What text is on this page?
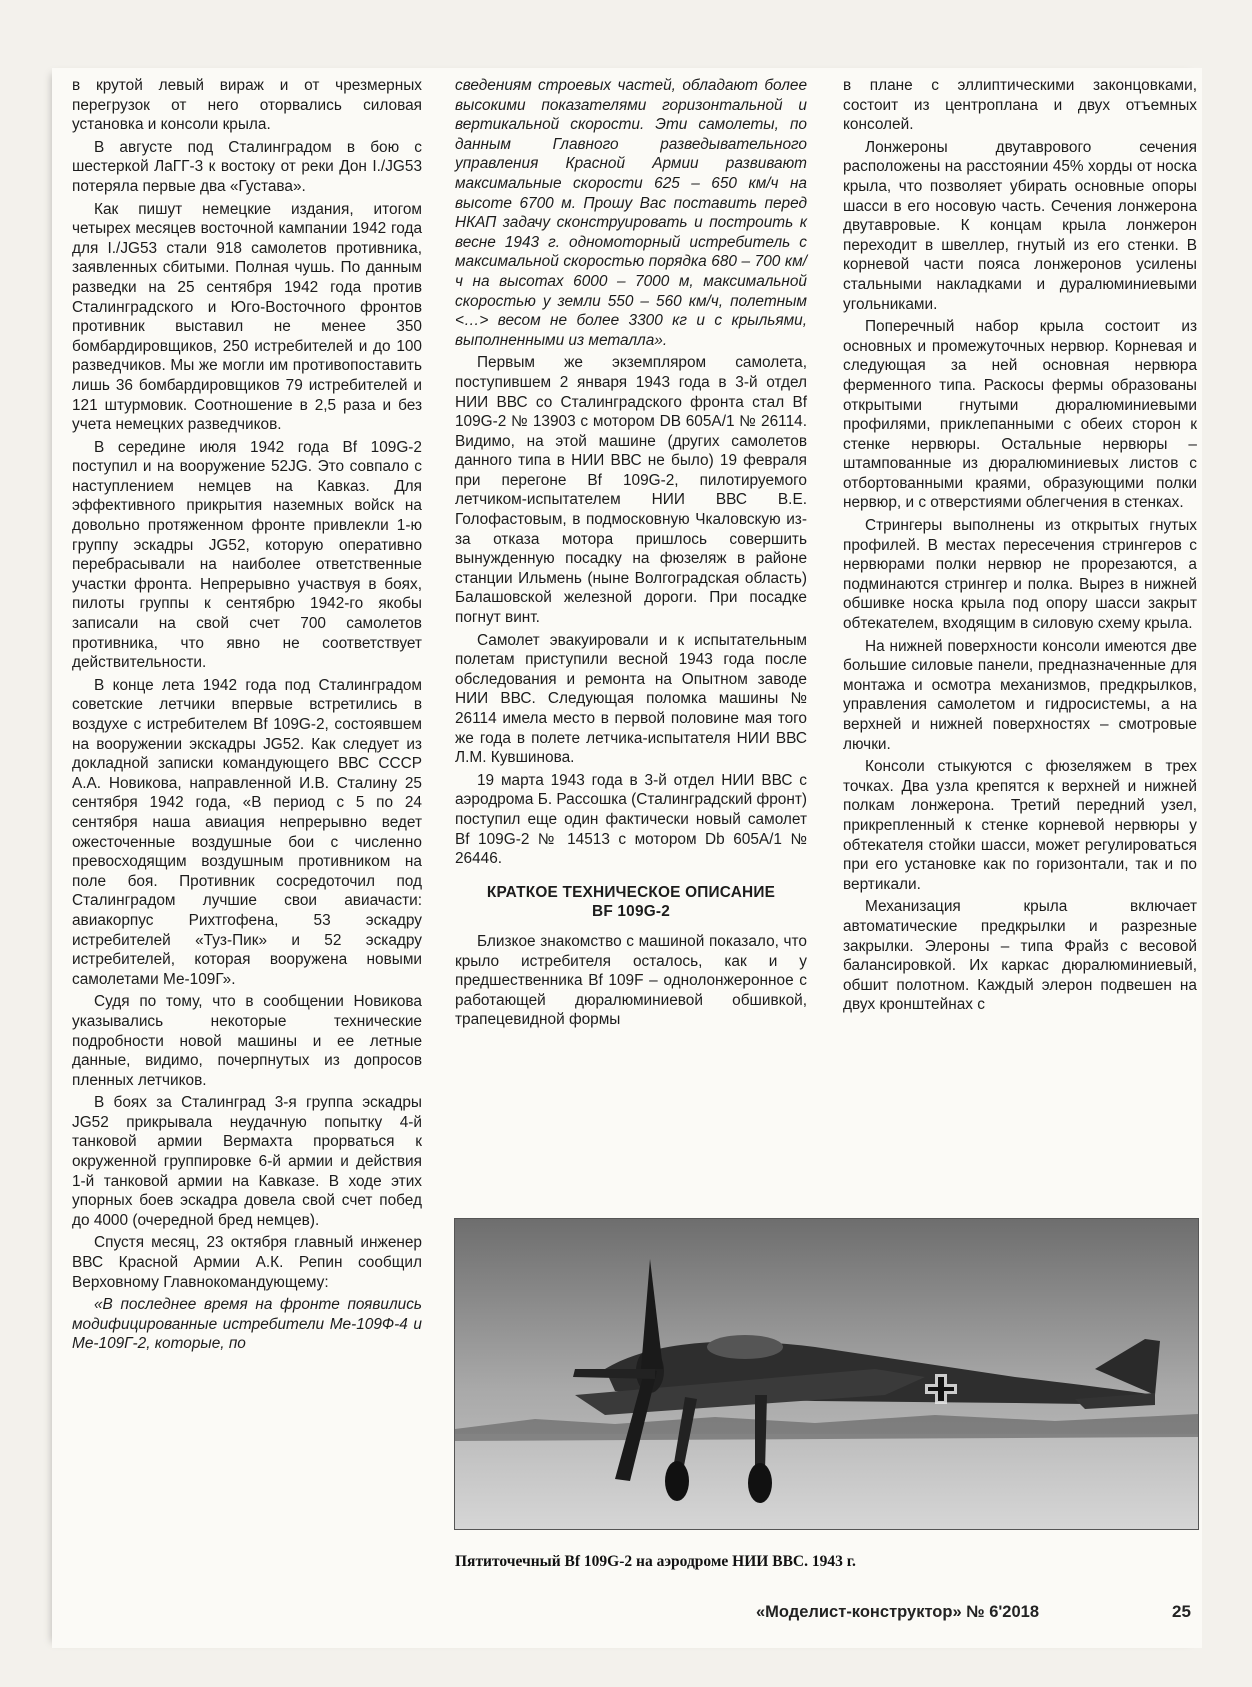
в крутой левый вираж и от чрезмерных перегрузок от него оторвались силовая установка и консоли крыла.

В августе под Сталинградом в бою с шестеркой ЛаГГ-3 к востоку от реки Дон I./JG53 потеряла первые два «Густава».

Как пишут немецкие издания, итогом четырех месяцев восточной кампании 1942 года для I./JG53 стали 918 самолетов противника, заявленных сбитыми. Полная чушь. По данным разведки на 25 сентября 1942 года против Сталинградского и Юго-Восточного фронтов противник выставил не менее 350 бомбардировщиков, 250 истребителей и до 100 разведчиков. Мы же могли им противопоставить лишь 36 бомбардировщиков 79 истребителей и 121 штурмовик. Соотношение в 2,5 раза и без учета немецких разведчиков.

В середине июля 1942 года Bf 109G-2 поступил и на вооружение 52JG. Это совпало с наступлением немцев на Кавказ. Для эффективного прикрытия наземных войск на довольно протяженном фронте привлекли 1-ю группу эскадры JG52, которую оперативно перебрасывали на наиболее ответственные участки фронта. Непрерывно участвуя в боях, пилоты группы к сентябрю 1942-го якобы записали на свой счет 700 самолетов противника, что явно не соответствует действительности.

В конце лета 1942 года под Сталинградом советские летчики впервые встретились в воздухе с истребителем Bf 109G-2, состоявшем на вооружении экскадры JG52. Как следует из докладной записки командующего ВВС СССР А.А. Новикова, направленной И.В. Сталину 25 сентября 1942 года, «В период с 5 по 24 сентября наша авиация непрерывно ведет ожесточенные воздушные бои с численно превосходящим воздушным противником на поле боя. Противник сосредоточил под Сталинградом лучшие свои авиачасти: авиакорпус Рихтгофена, 53 эскадру истребителей «Туз-Пик» и 52 эскадру истребителей, которая вооружена новыми самолетами Ме-109Г».

Судя по тому, что в сообщении Новикова указывались некоторые технические подробности новой машины и ее летные данные, видимо, почерпнутых из допросов пленных летчиков.

В боях за Сталинград 3-я группа эскадры JG52 прикрывала неудачную попытку 4-й танковой армии Вермахта прорваться к окруженной группировке 6-й армии и действия 1-й танковой армии на Кавказе. В ходе этих упорных боев эскадра довела свой счет побед до 4000 (очередной бред немцев).

Спустя месяц, 23 октября главный инженер ВВС Красной Армии А.К. Репин сообщил Верховному Главнокомандующему:

«В последнее время на фронте появились модифицированные истребители Ме-109Ф-4 и Ме-109Г-2, которые, по

сведениям строевых частей, обладают более высокими показателями горизонтальной и вертикальной скорости. Эти самолеты, по данным Главного разведывательного управления Красной Армии развивают максимальные скорости 625 – 650 км/ч на высоте 6700 м. Прошу Вас поставить перед НКАП задачу сконструировать и построить к весне 1943 г. одномоторный истребитель с максимальной скоростью порядка 680 – 700 км/ч на высотах 6000 – 7000 м, максимальной скоростью у земли 550 – 560 км/ч, полетным <…> весом не более 3300 кг и с крыльями, выполненными из металла».

Первым же экземпляром самолета, поступившем 2 января 1943 года в 3-й отдел НИИ ВВС со Сталинградского фронта стал Bf 109G-2 № 13903 с мотором DB 605A/1 № 26114. Видимо, на этой машине (других самолетов данного типа в НИИ ВВС не было) 19 февраля при перегоне Bf 109G-2, пилотируемого летчиком-испытателем НИИ ВВС В.Е. Голофастовым, в подмосковную Чкаловскую из-за отказа мотора пришлось совершить вынужденную посадку на фюзеляж в районе станции Ильмень (ныне Волгоградская область) Балашовской железной дороги. При посадке погнут винт.

Самолет эвакуировали и к испытательным полетам приступили весной 1943 года после обследования и ремонта на Опытном заводе НИИ ВВС. Следующая поломка машины № 26114 имела место в первой половине мая того же года в полете летчика-испытателя НИИ ВВС Л.М. Кувшинова.

19 марта 1943 года в 3-й отдел НИИ ВВС с аэродрома Б. Рассошка (Сталинградский фронт) поступил еще один фактически новый самолет Bf 109G-2 № 14513 с мотором Db 605A/1 № 26446.

КРАТКОЕ ТЕХНИЧЕСКОЕ ОПИСАНИЕ
BF 109G-2

Близкое знакомство с машиной показало, что крыло истребителя осталось, как и у предшественника Bf 109F – однолонжеронное с работающей дюралюминиевой обшивкой, трапецевидной формы

в плане с эллиптическими законцовками, состоит из центроплана и двух отъемных консолей.

Лонжероны двутаврового сечения расположены на расстоянии 45% хорды от носка крыла, что позволяет убирать основные опоры шасси в его носовую часть. Сечения лонжерона двутавровые. К концам крыла лонжерон переходит в швеллер, гнутый из его стенки. В корневой части пояса лонжеронов усилены стальными накладками и дуралюминиевыми угольниками.

Поперечный набор крыла состоит из основных и промежуточных нервюр. Корневая и следующая за ней основная нервюра ферменного типа. Раскосы фермы образованы открытыми гнутыми дюралюминиевыми профилями, приклепанными с обеих сторон к стенке нервюры. Остальные нервюры – штампованные из дюралюминиевых листов с отбортованными краями, образующими полки нервюр, и с отверстиями облегчения в стенках.

Стрингеры выполнены из открытых гнутых профилей. В местах пересечения стрингеров с нервюрами полки нервюр не прорезаются, а подминаются стрингер и полка. Вырез в нижней обшивке носка крыла под опору шасси закрыт обтекателем, входящим в силовую схему крыла.

На нижней поверхности консоли имеются две большие силовые панели, предназначенные для монтажа и осмотра механизмов, предкрылков, управления самолетом и гидросистемы, а на верхней и нижней поверхностях – смотровые лючки.

Консоли стыкуются с фюзеляжем в трех точках. Два узла крепятся к верхней и нижней полкам лонжерона. Третий передний узел, прикрепленный к стенке корневой нервюры у обтекателя стойки шасси, может регулироваться при его установке как по горизонтали, так и по вертикали.

Механизация крыла включает автоматические предкрылки и разрезные закрылки. Элероны – типа Фрайз с весовой балансировкой. Их каркас дюралюминиевый, обшит полотном. Каждый элерон подвешен на двух кронштейнах с

Пятиточечный Bf 109G-2 на аэродроме НИИ ВВС. 1943 г.
«Моделист-конструктор» № 6'2018	25
